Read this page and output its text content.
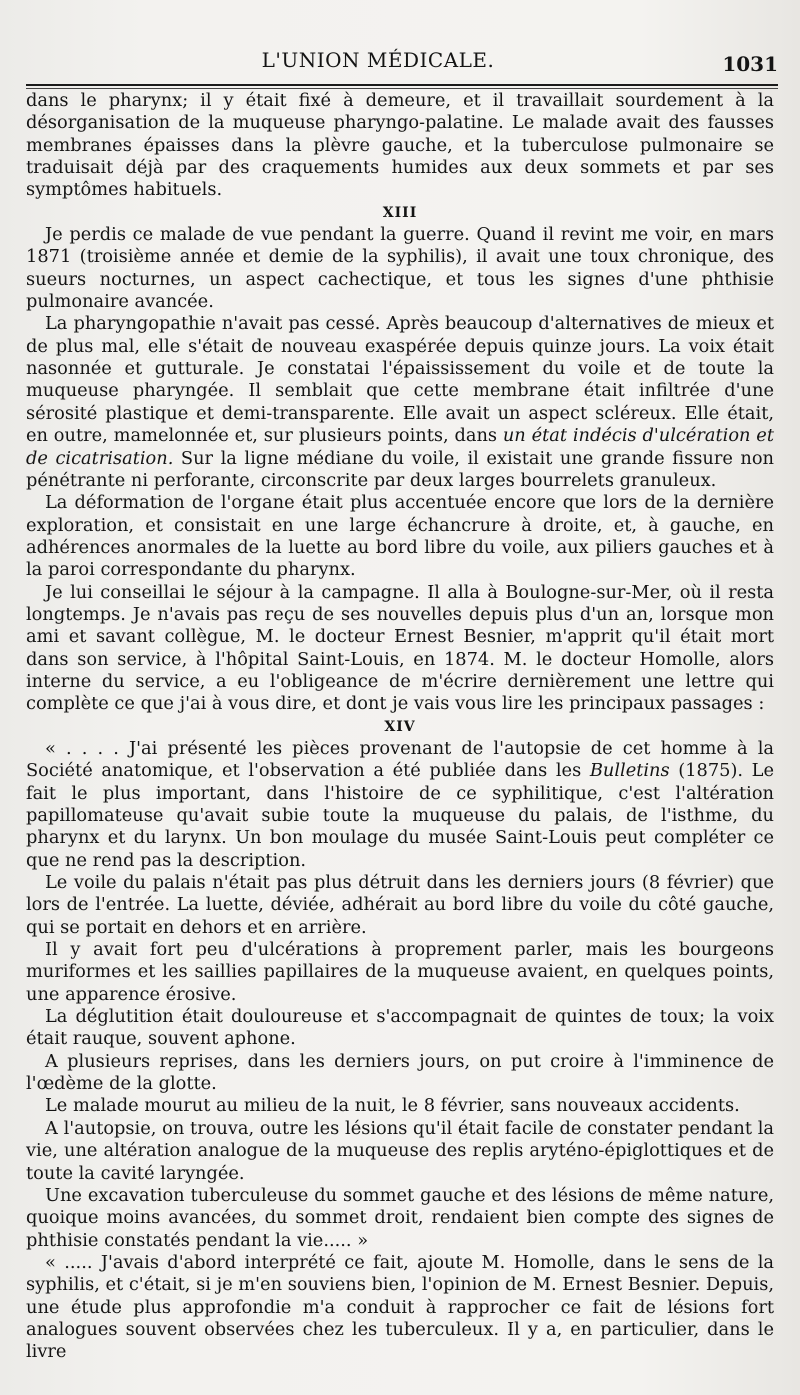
L'UNION MÉDICALE.	1031

dans le pharynx; il y était fixé à demeure, et il travaillait sourdement à la désorganisation de la muqueuse pharyngo-palatine. Le malade avait des fausses membranes épaisses dans la plèvre gauche, et la tuberculose pulmonaire se traduisait déjà par des craquements humides aux deux sommets et par ses symptômes habituels.

XIII

Je perdis ce malade de vue pendant la guerre. Quand il revint me voir, en mars 1871 (troisième année et demie de la syphilis), il avait une toux chronique, des sueurs nocturnes, un aspect cachectique, et tous les signes d'une phthisie pulmonaire avancée.

La pharyngopathie n'avait pas cessé. Après beaucoup d'alternatives de mieux et de plus mal, elle s'était de nouveau exaspérée depuis quinze jours. La voix était nasonnée et gutturale. Je constatai l'épaississement du voile et de toute la muqueuse pharyngée. Il semblait que cette membrane était infiltrée d'une sérosité plastique et demi-transparente. Elle avait un aspect scléreux. Elle était, en outre, mamelonnée et, sur plusieurs points, dans un état indécis d'ulcération et de cicatrisation. Sur la ligne médiane du voile, il existait une grande fissure non pénétrante ni perforante, circonscrite par deux larges bourrelets granuleux.

La déformation de l'organe était plus accentuée encore que lors de la dernière exploration, et consistait en une large échancrure à droite, et, à gauche, en adhérences anormales de la luette au bord libre du voile, aux piliers gauches et à la paroi correspondante du pharynx.

Je lui conseillai le séjour à la campagne. Il alla à Boulogne-sur-Mer, où il resta longtemps. Je n'avais pas reçu de ses nouvelles depuis plus d'un an, lorsque mon ami et savant collègue, M. le docteur Ernest Besnier, m'apprit qu'il était mort dans son service, à l'hôpital Saint-Louis, en 1874. M. le docteur Homolle, alors interne du service, a eu l'obligeance de m'écrire dernièrement une lettre qui complète ce que j'ai à vous dire, et dont je vais vous lire les principaux passages :

XIV

« . . . . J'ai présenté les pièces provenant de l'autopsie de cet homme à la Société anatomique, et l'observation a été publiée dans les Bulletins (1875). Le fait le plus important, dans l'histoire de ce syphilitique, c'est l'altération papillomateuse qu'avait subie toute la muqueuse du palais, de l'isthme, du pharynx et du larynx. Un bon moulage du musée Saint-Louis peut compléter ce que ne rend pas la description.

Le voile du palais n'était pas plus détruit dans les derniers jours (8 février) que lors de l'entrée. La luette, déviée, adhérait au bord libre du voile du côté gauche, qui se portait en dehors et en arrière.

Il y avait fort peu d'ulcérations à proprement parler, mais les bourgeons muriformes et les saillies papillaires de la muqueuse avaient, en quelques points, une apparence érosive.

La déglutition était douloureuse et s'accompagnait de quintes de toux; la voix était rauque, souvent aphone.

A plusieurs reprises, dans les derniers jours, on put croire à l'imminence de l'œdème de la glotte.

Le malade mourut au milieu de la nuit, le 8 février, sans nouveaux accidents.

A l'autopsie, on trouva, outre les lésions qu'il était facile de constater pendant la vie, une altération analogue de la muqueuse des replis aryténo-épiglottiques et de toute la cavité laryngée.

Une excavation tuberculeuse du sommet gauche et des lésions de même nature, quoique moins avancées, du sommet droit, rendaient bien compte des signes de phthisie constatés pendant la vie..... »

« ..... J'avais d'abord interprété ce fait, ajoute M. Homolle, dans le sens de la syphilis, et c'était, si je m'en souviens bien, l'opinion de M. Ernest Besnier. Depuis, une étude plus approfondie m'a conduit à rapprocher ce fait de lésions fort analogues souvent observées chez les tuberculeux. Il y a, en particulier, dans le livre
